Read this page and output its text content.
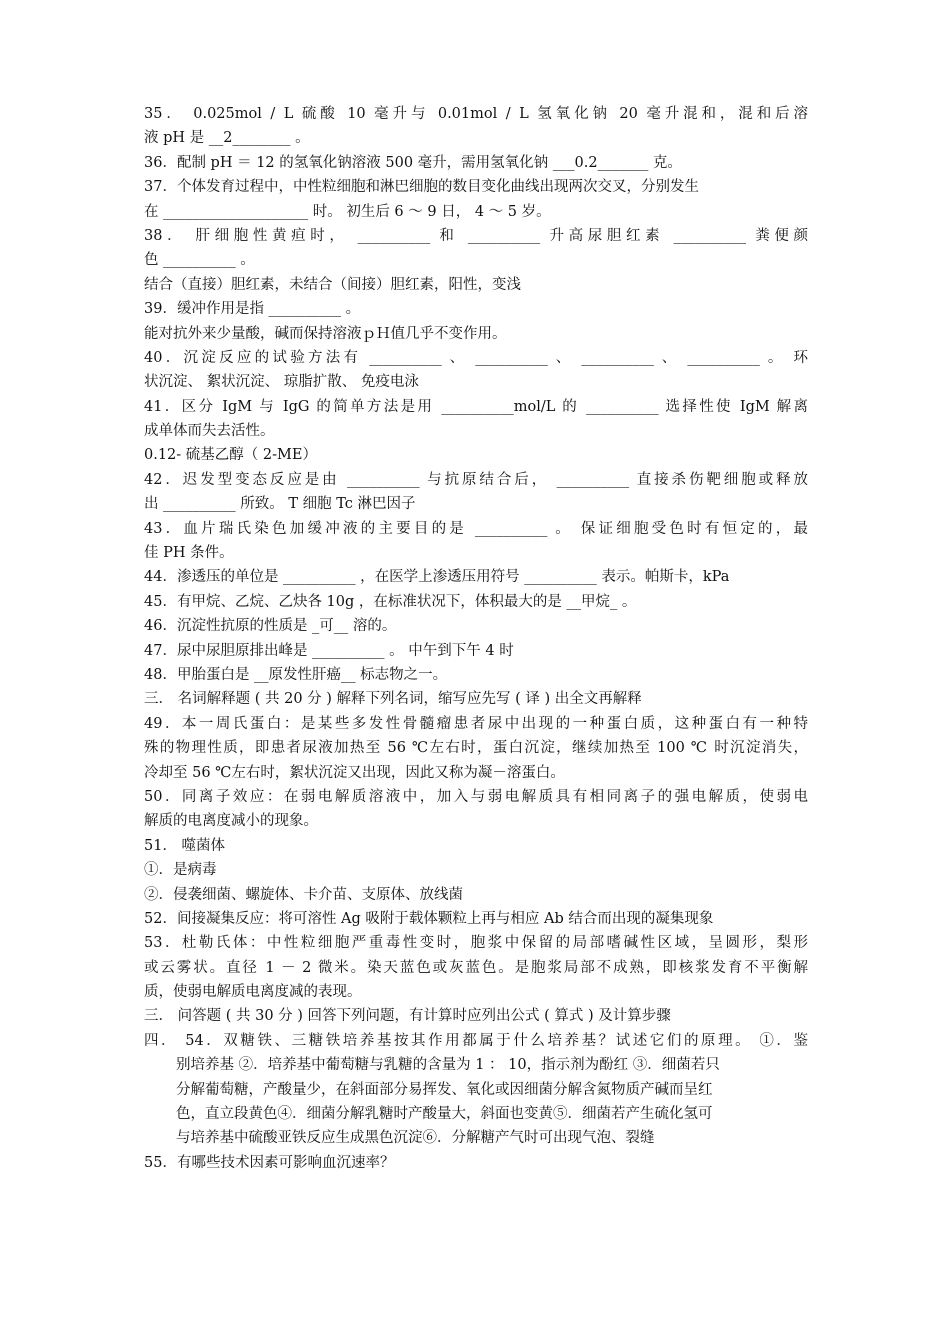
35． 0.025mol / L 硫酸 10 毫升与 0.01mol / L 氢氧化钠 20 毫升混和，混和后溶
液 pH 是 __2________ 。
36．配制 pH ＝ 12 的氢氧化钠溶液 500 毫升，需用氢氧化钠 ___0.2_______ 克。
37．个体发育过程中，中性粒细胞和淋巴细胞的数目变化曲线出现两次交叉，分别发生
在 ____________________ 时。 初生后 6 ～ 9 日， 4 ～ 5 岁。
38． 肝细胞性黄疸时， __________ 和 __________ 升高尿胆红素 __________ 粪便颜
色 __________ 。
结合（直接）胆红素，未结合（间接）胆红素，阳性，变浅
39．缓冲作用是指 __________ 。
能对抗外来少量酸，碱而保持溶液ｐＨ值几乎不变作用。
40．沉淀反应的试验方法有 __________ 、 __________ 、 __________ 、 __________ 。 环
状沉淀、 絮状沉淀、 琼脂扩散、 免疫电泳
41．区分 IgM 与 IgG 的简单方法是用 __________mol/L 的 __________ 选择性使 IgM 解离
成单体而失去活性。
0.12- 硫基乙醇（ 2-ME）
42．迟发型变态反应是由 __________ 与抗原结合后， __________ 直接杀伤靶细胞或释放
出 __________ 所致。 T 细胞 Tc 淋巴因子
43．血片瑞氏染色加缓冲液的主要目的是 __________ 。 保证细胞受色时有恒定的，最
佳 PH 条件。
44．渗透压的单位是 __________ ，在医学上渗透压用符号 __________ 表示。帕斯卡，kPa
45．有甲烷、乙烷、乙炔各 10g ，在标准状况下，体积最大的是 __甲烷_ 。
46．沉淀性抗原的性质是 _可__ 溶的。
47．尿中尿胆原排出峰是 __________ 。 中午到下午 4 时
48．甲胎蛋白是 __原发性肝癌__ 标志物之一。
三． 名词解释题 ( 共 20 分 ) 解释下列名词，缩写应先写 ( 译 ) 出全文再解释
49．本一周氏蛋白：是某些多发性骨髓瘤患者尿中出现的一种蛋白质，这种蛋白有一种特
殊的物理性质，即患者尿液加热至 56 ℃左右时，蛋白沉淀，继续加热至 100 ℃ 时沉淀消失，
冷却至 56 ℃左右时，絮状沉淀又出现，因此又称为凝－溶蛋白。
50．同离子效应：在弱电解质溶液中，加入与弱电解质具有相同离子的强电解质，使弱电
解质的电离度减小的现象。
51． 噬菌体
①．是病毒
②．侵袭细菌、螺旋体、卡介苗、支原体、放线菌
52．间接凝集反应：将可溶性 Ag 吸附于载体颗粒上再与相应 Ab 结合而出现的凝集现象
53．杜勒氏体：中性粒细胞严重毒性变时，胞浆中保留的局部嗜碱性区域，呈圆形，梨形
或云雾状。直径 1 － 2 微米。染天蓝色或灰蓝色。是胞浆局部不成熟，即核浆发育不平衡解
质，使弱电解质电离度减的表现。
三． 问答题 ( 共 30 分 ) 回答下列问题，有计算时应列出公式 ( 算式 ) 及计算步骤
四． 54．双糖铁、三糖铁培养基按其作用都属于什么培养基？试述它们的原理。 ①．鉴
别培养基 ②．培养基中葡萄糖与乳糖的含量为 1 ： 10，指示剂为酚红 ③．细菌若只
分解葡萄糖，产酸量少，在斜面部分易挥发、氧化或因细菌分解含氮物质产碱而呈红
色，直立段黄色④．细菌分解乳糖时产酸量大，斜面也变黄⑤．细菌若产生硫化氢可
与培养基中硫酸亚铁反应生成黑色沉淀⑥．分解糖产气时可出现气泡、裂缝
55．有哪些技术因素可影响血沉速率？
